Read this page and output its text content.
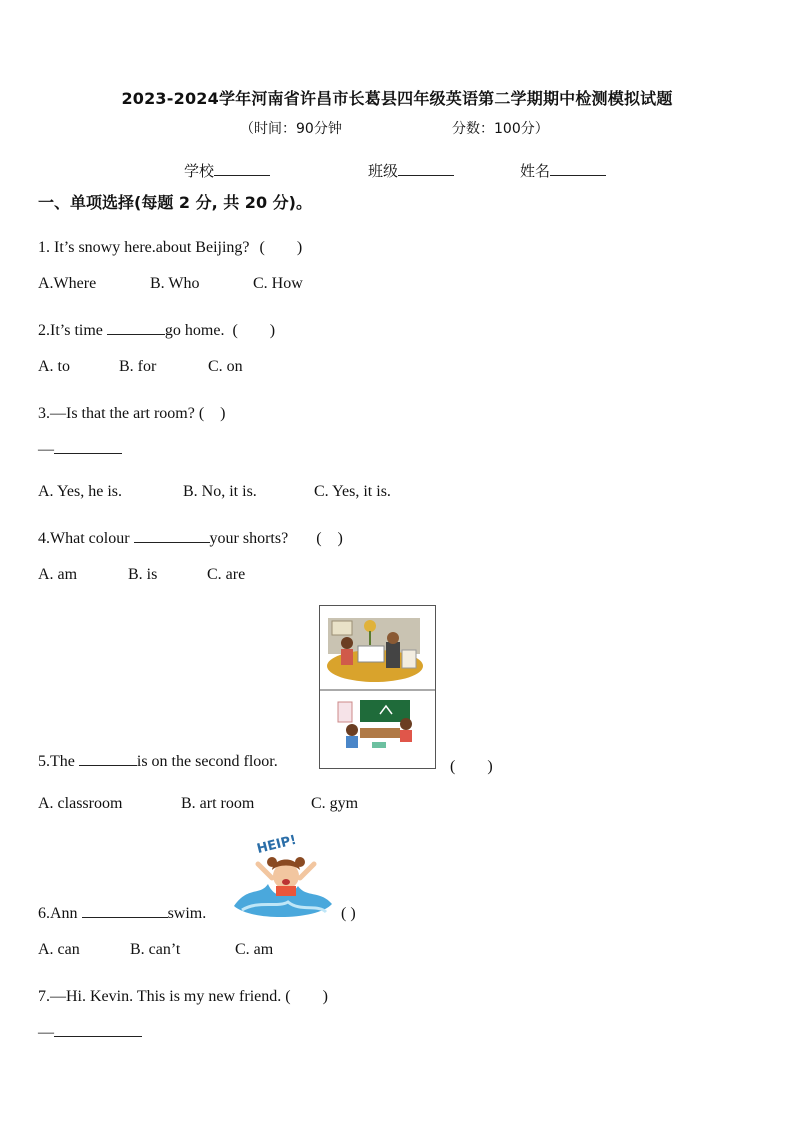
2023-2024学年河南省许昌市长葛县四年级英语第二学期期中检测模拟试题
（时间：90分钟	分数：100分）
学校	班级	姓名
一、单项选择(每题 2 分, 共 20 分)。
1. It’s snowy here.about Beijing? (　　)
A.Where	B. Who	C. How
2.It’s time	go home. (　　)
A. to	B. for	C. on
3.—Is that the art room? (　)
—
A. Yes, he is.	B. No, it is.	C. Yes, it is.
4.What colour	your shorts? (　)
A. am	B. is	C. are
5.The	is on the second floor.	(　　)
A. classroom	B. art room	C. gym
HEIP!
6.Ann	swim.	( )
A. can	B. can’t	C. am
7.—Hi. Kevin. This is my new friend. (　　)
—
